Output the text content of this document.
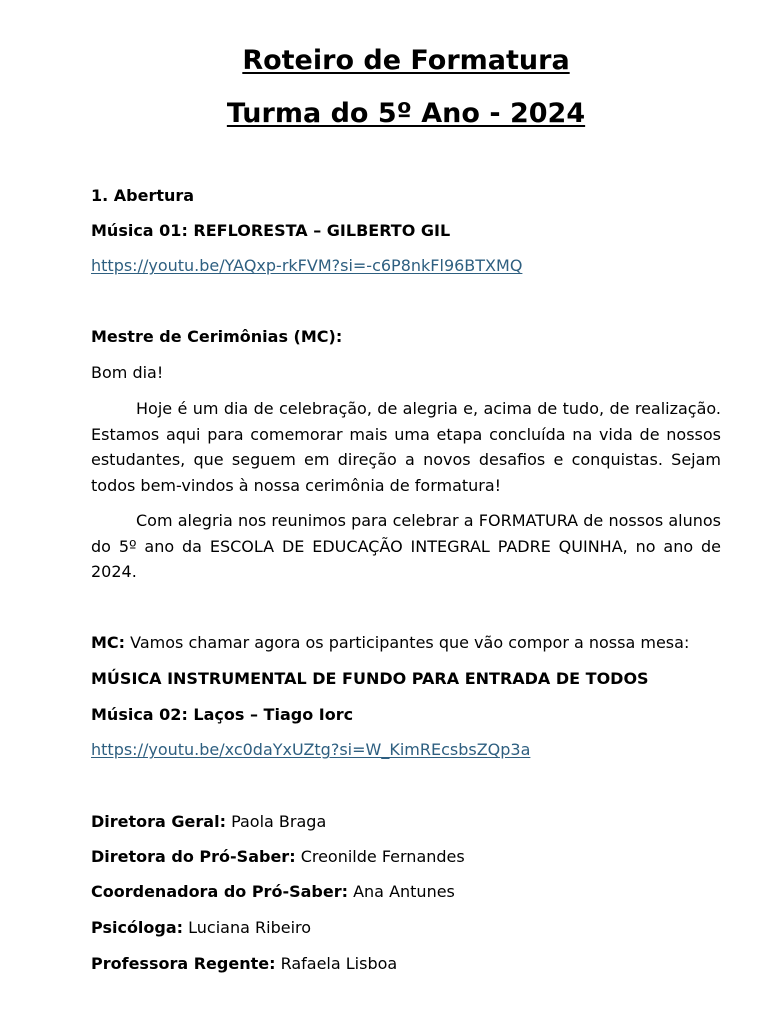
Roteiro de Formatura
Turma do 5º Ano - 2024
1. Abertura
Música 01: REFLORESTA – GILBERTO GIL
https://youtu.be/YAQxp-rkFVM?si=-c6P8nkFl96BTXMQ
Mestre de Cerimônias (MC):
Bom dia!
Hoje é um dia de celebração, de alegria e, acima de tudo, de realização. Estamos aqui para comemorar mais uma etapa concluída na vida de nossos estudantes, que seguem em direção a novos desafios e conquistas. Sejam todos bem-vindos à nossa cerimônia de formatura!
Com alegria nos reunimos para celebrar a FORMATURA de nossos alunos do 5º ano da ESCOLA DE EDUCAÇÃO INTEGRAL PADRE QUINHA, no ano de 2024.
MC: Vamos chamar agora os participantes que vão compor a nossa mesa:
MÚSICA INSTRUMENTAL DE FUNDO PARA ENTRADA DE TODOS
Música 02: Laços – Tiago Iorc
https://youtu.be/xc0daYxUZtg?si=W_KimREcsbsZQp3a
Diretora Geral: Paola Braga
Diretora do Pró-Saber: Creonilde Fernandes
Coordenadora do Pró-Saber: Ana Antunes
Psicóloga: Luciana Ribeiro
Professora Regente: Rafaela Lisboa
